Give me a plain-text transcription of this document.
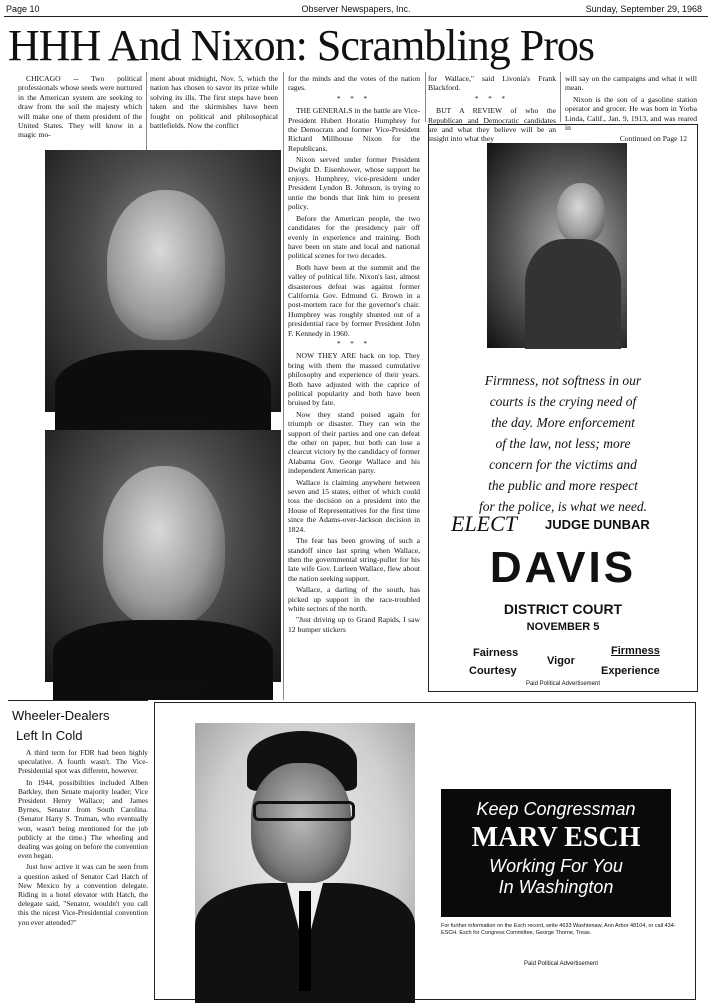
Page 10	Observer Newspapers, Inc.	Sunday, September 29, 1968
HHH And Nixon: Scrambling Pros

CHICAGO -- Two political professionals whose seeds were nurtured in the American system are seeking to draw from the soil the majesty which will make one of them president of the United States. They will know in a magic mo-

ment about midnight, Nov. 5, which the nation has chosen to savor its prize while solving its ills. The first steps have been taken and the skirmishes have been fought on political and philosophical battlefields. Now the conflict

EDMUND MUSKIE
SPIRO T. AGNEW

for the minds and the votes of the nation rages.

* * *

THE GENERALS in the battle are Vice-President Hubert Horatio Humphrey for the Democrats and former Vice-President Richard Millhouse Nixon for the Republicans.

Nixon served under former President Dwight D. Eisenhower, whose support he enjoys. Humphrey, vice-president under President Lyndon B. Johnson, is trying to untie the bonds that link him to present policy.

Before the American people, the two candidates for the presidency pair off evenly in experience and training. Both have been on state and local and national political scenes for two decades.

Both have been at the summit and the valley of political life. Nixon's last, almost disasterous defeat was against former California Gov. Edmund G. Brown in a post-mortem race for the governor's chair. Humphrey was roughly shunted out of a presidential race by former President John F. Kennedy in 1960.

* * *

NOW THEY ARE back on top. They bring with them the massed cumulative philosophy and experience of their years. Both have adjusted with the caprice of political popularity and both have been bruised by fate.

Now they stand poised again for triumph or disaster. They can win the support of their parties and one can defeat the other on paper, but both can lose a clearcut victory by the candidacy of former Alabama Gov. George Wallace and his independent American party.

Wallace is claiming anywhere between seven and 15 states, either of which could toss the decision on a president into the House of Representatives for the first time since the Adams-over-Jackson decision in 1824.

The fear has been growing of such a standoff since last spring when Wallace, then the governmental string-puller for his late wife Gov. Lurleen Wallace, flew about the nation seeking support.

Wallace, a darling of the south, has picked up support in the race-troubled white sectors of the north.

"Just driving up to Grand Rapids, I saw 12 bumper stickers

for Wallace," said Livonia's Frank Blackford.

* * *

BUT A REVIEW of who the Republican and Democratic candidates are and what they believe will be an insight into what they

will say on the campaigns and what it will mean.

Nixon is the son of a gasoline station operator and grocer. He was born in Yorba Linda, Calif., Jan. 9, 1913, and was reared in

Continued on Page 12
Firmness, not softness in our
courts is the crying need of
the day. More enforcement
of the law, not less; more
concern for the victims and
the public and more respect
for the police, is what we need.
ELECT JUDGE DUNBAR
DAVIS
DISTRICT COURT
NOVEMBER 5
Fairness
Courtesy
Vigor
Firmness
Experience
Paid Political Advertisement
Wheeler-Dealers
Left In Cold

A third term for FDR had been highly speculative. A fourth wasn't. The Vice-Presidential spot was different, however.

In 1944, possibilities included Alben Barkley, then Senate majority leader; Vice President Henry Wallace; and James Byrnes, Senator from South Carolina. (Senator Harry S. Truman, who eventually won, wasn't being mentioned for the job publicly at the time.) The wheeling and dealing was going on before the convention even began.

Just how active it was can be seen from a question asked of Senator Carl Hatch of New Mexico by a convention delegate. Riding in a hotel elevator with Hatch, the delegate said, "Senator, wouldn't you call this the nicest Vice-Presidential convention you ever attended?"

Keep Congressman
MARV ESCH
Working For You
In Washington
For further information on the Esch record, write 4633 Washtenaw, Ann Arbor 48104, or call 434-ESCH. Esch for Congress Committee, George Thorne, Treas.
Paid Political Advertisement
